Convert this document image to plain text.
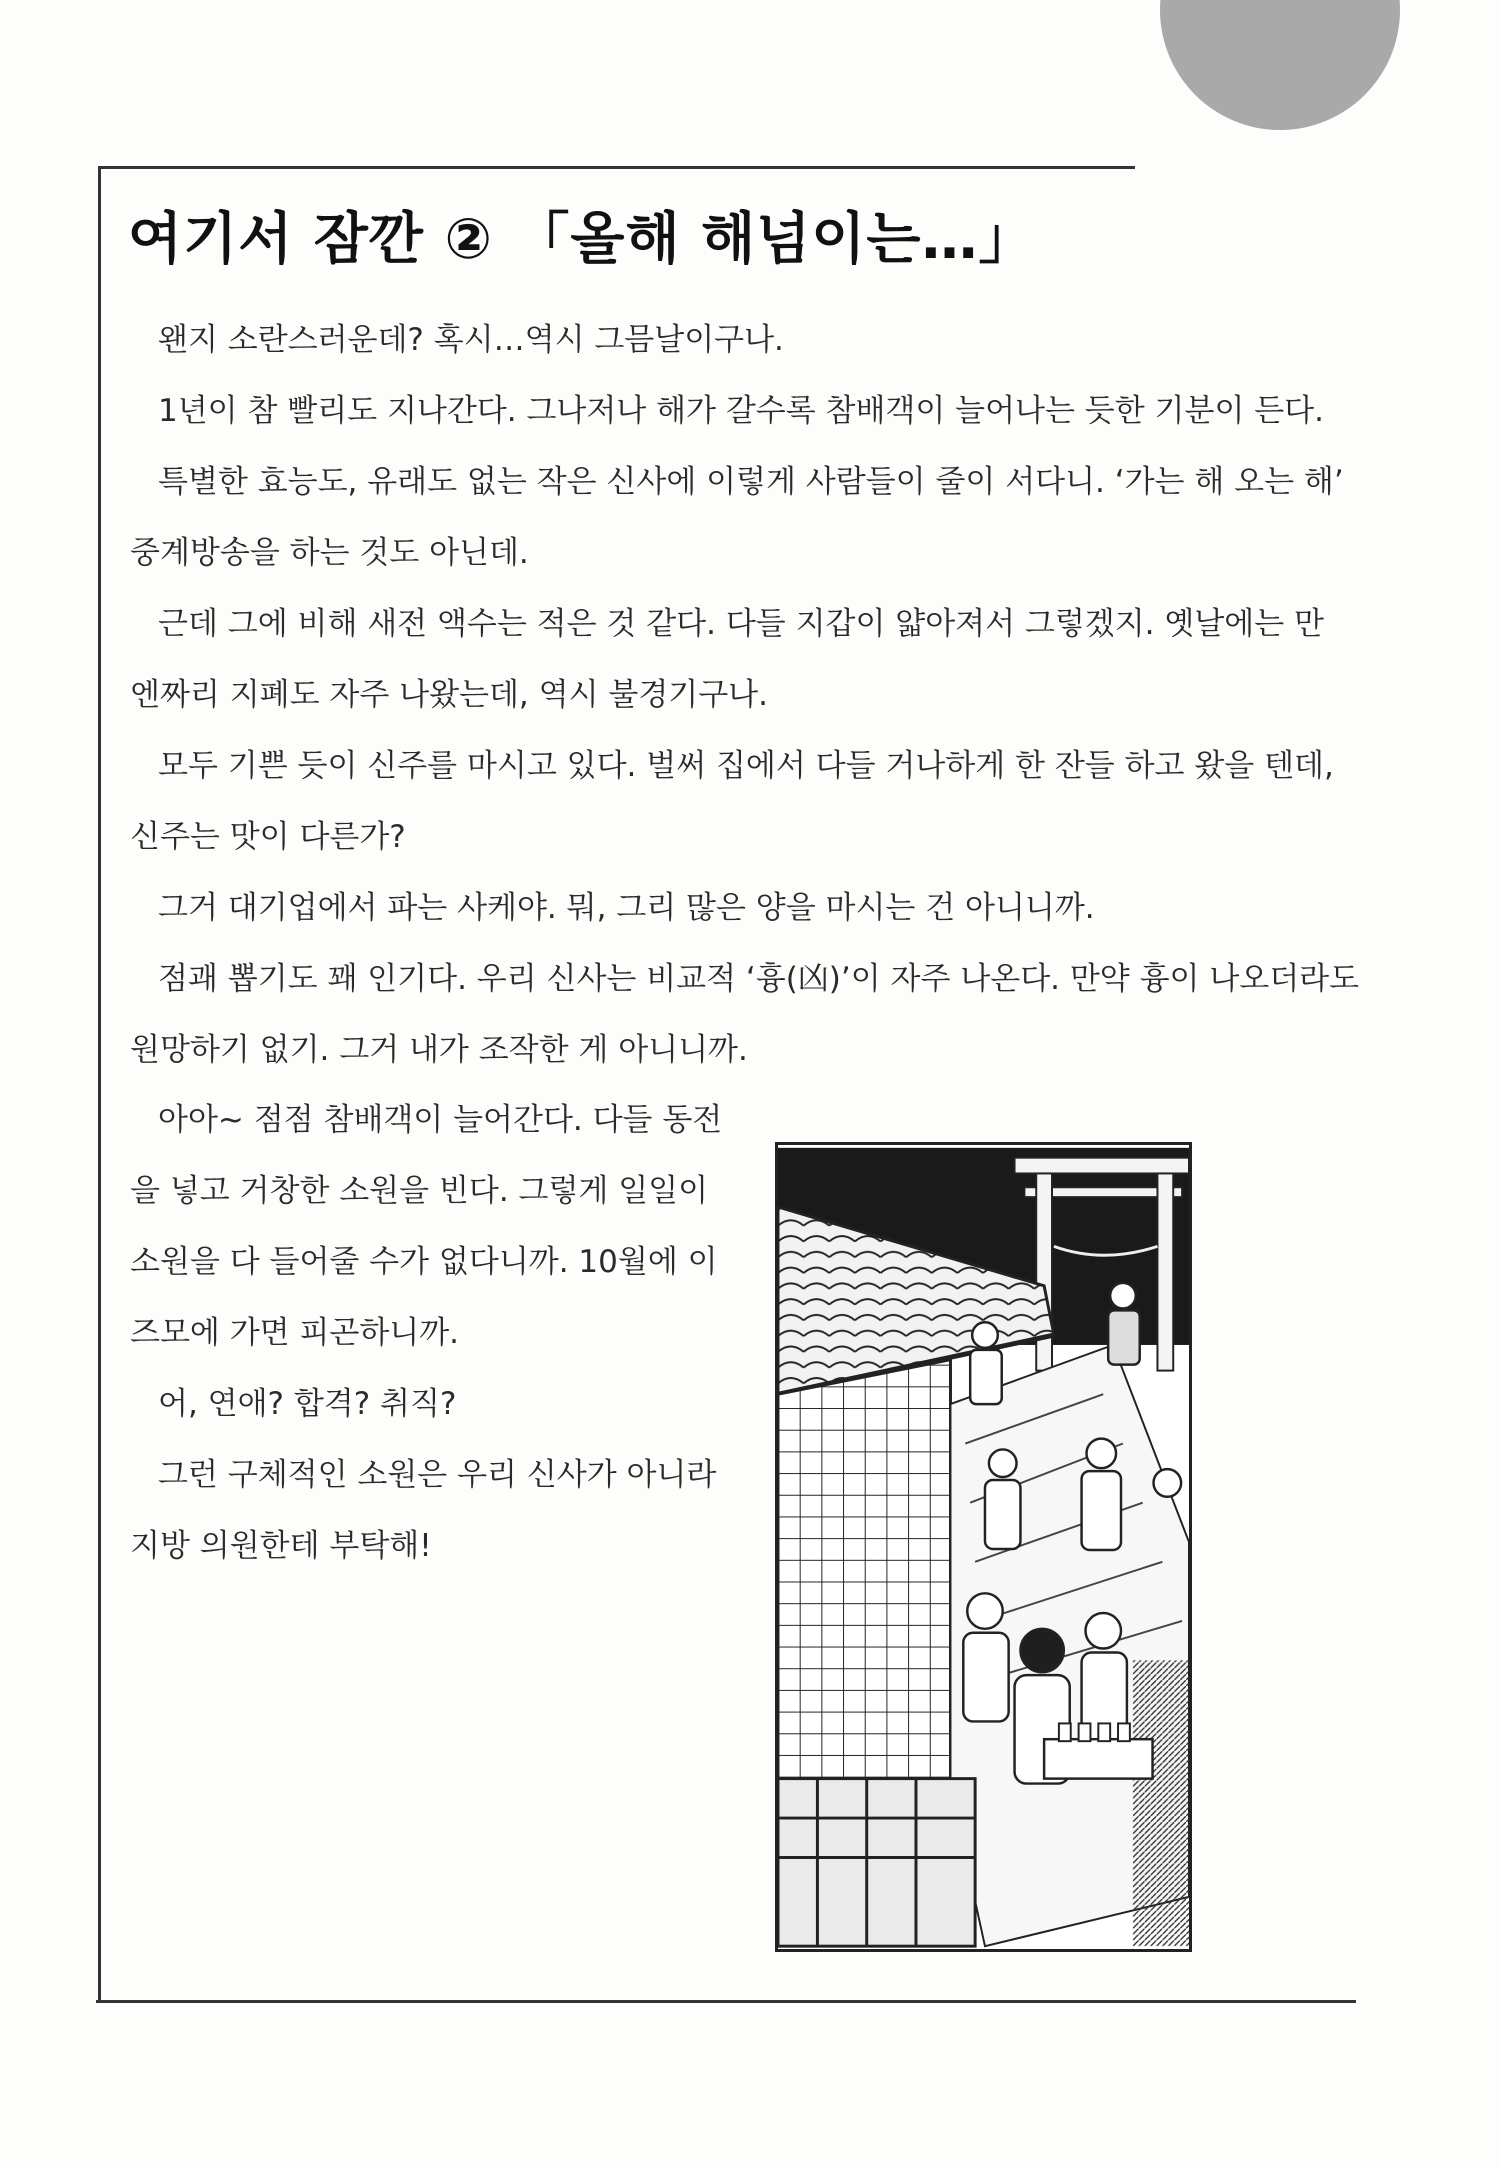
여기서 잠깐 ② 「올해 해넘이는…」

왠지 소란스러운데? 혹시…역시 그믐날이구나.

1년이 참 빨리도 지나간다. 그나저나 해가 갈수록 참배객이 늘어나는 듯한 기분이 든다.

특별한 효능도, 유래도 없는 작은 신사에 이렇게 사람들이 줄이 서다니. ‘가는 해 오는 해’ 중계방송을 하는 것도 아닌데.

근데 그에 비해 새전 액수는 적은 것 같다. 다들 지갑이 얇아져서 그렇겠지. 옛날에는 만 엔짜리 지폐도 자주 나왔는데, 역시 불경기구나.

모두 기쁜 듯이 신주를 마시고 있다. 벌써 집에서 다들 거나하게 한 잔들 하고 왔을 텐데, 신주는 맛이 다른가?

그거 대기업에서 파는 사케야. 뭐, 그리 많은 양을 마시는 건 아니니까.

점괘 뽑기도 꽤 인기다. 우리 신사는 비교적 ‘흉(凶)’이 자주 나온다. 만약 흉이 나오더라도 원망하기 없기. 그거 내가 조작한 게 아니니까.

아아~ 점점 참배객이 늘어간다. 다들 동전을 넣고 거창한 소원을 빈다. 그렇게 일일이 소원을 다 들어줄 수가 없다니까. 10월에 이즈모에 가면 피곤하니까.

어, 연애? 합격? 취직?

그런 구체적인 소원은 우리 신사가 아니라 지방 의원한테 부탁해!
